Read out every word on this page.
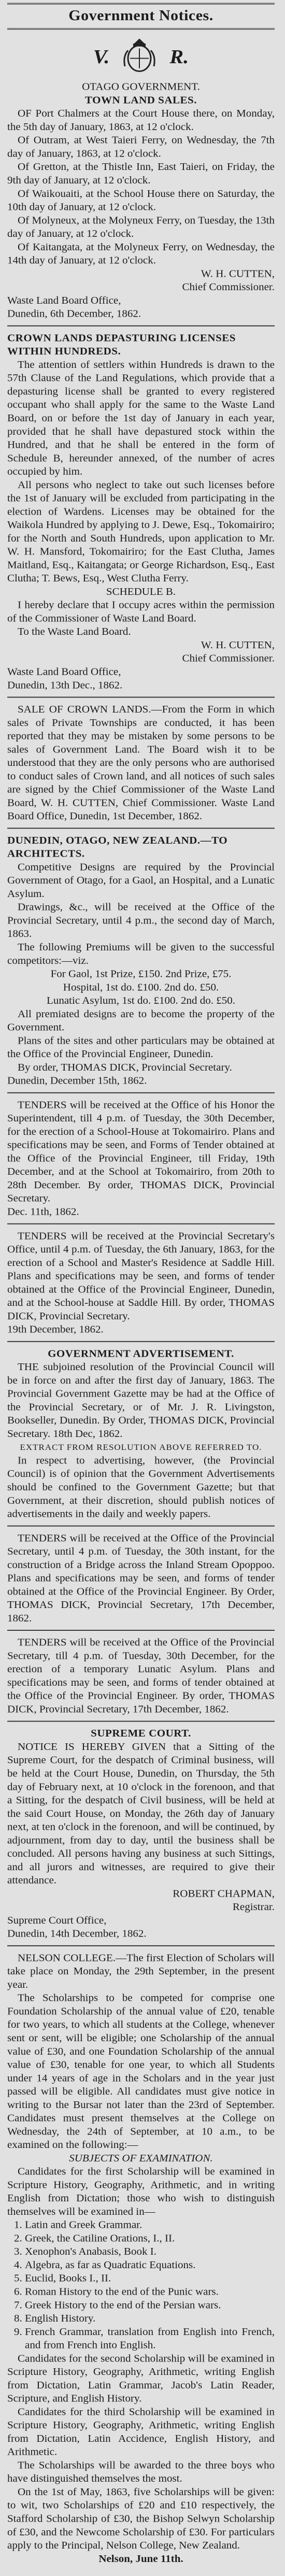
Government Notices.
V.	R.

OTAGO GOVERNMENT.

TOWN LAND SALES.

OF Port Chalmers at the Court House there, on Monday, the 5th day of January, 1863, at 12 o'clock.

Of Outram, at West Taieri Ferry, on Wednesday, the 7th day of January, 1863, at 12 o'clock.

Of Gretton, at the Thistle Inn, East Taieri, on Friday, the 9th day of January, at 12 o'clock.

Of Waikouaiti, at the School House there on Saturday, the 10th day of January, at 12 o'clock.

Of Molyneux, at the Molyneux Ferry, on Tuesday, the 13th day of January, at 12 o'clock.

Of Kaitangata, at the Molyneux Ferry, on Wednesday, the 14th day of January, at 12 o'clock.

W. H. CUTTEN,

Chief Commissioner.

Waste Land Board Office,

Dunedin, 6th December, 1862.

CROWN LANDS DEPASTURING LICENSES WITHIN HUNDREDS.

The attention of settlers within Hundreds is drawn to the 57th Clause of the Land Regulations, which provide that a depasturing license shall be granted to every registered occupant who shall apply for the same to the Waste Land Board, on or before the 1st day of January in each year, provided that he shall have depastured stock within the Hundred, and that he shall be entered in the form of Schedule B, hereunder annexed, of the number of acres occupied by him.

All persons who neglect to take out such licenses before the 1st of January will be excluded from participating in the election of Wardens. Licenses may be obtained for the Waikola Hundred by applying to J. Dewe, Esq., Tokomairiro; for the North and South Hundreds, upon application to Mr. W. H. Mansford, Tokomairiro; for the East Clutha, James Maitland, Esq., Kaitangata; or George Richardson, Esq., East Clutha; T. Bews, Esq., West Clutha Ferry.

SCHEDULE B.

I hereby declare that I occupy acres within the permission of the Commissioner of Waste Land Board.

To the Waste Land Board.

W. H. CUTTEN,

Chief Commissioner.

Waste Land Board Office,

Dunedin, 13th Dec., 1862.

SALE OF CROWN LANDS.—From the Form in which sales of Private Townships are conducted, it has been reported that they may be mistaken by some persons to be sales of Government Land. The Board wish it to be understood that they are the only persons who are authorised to conduct sales of Crown land, and all notices of such sales are signed by the Chief Commissioner of the Waste Land Board, W. H. CUTTEN, Chief Commissioner. Waste Land Board Office, Dunedin, 1st December, 1862.

DUNEDIN, OTAGO, NEW ZEALAND.—TO ARCHITECTS.

Competitive Designs are required by the Provincial Government of Otago, for a Gaol, an Hospital, and a Lunatic Asylum.

Drawings, &c., will be received at the Office of the Provincial Secretary, until 4 p.m., the second day of March, 1863.

The following Premiums will be given to the successful competitors:—viz.

For Gaol, 1st Prize, £150. 2nd Prize, £75.

Hospital, 1st do. £100. 2nd do. £50.

Lunatic Asylum, 1st do. £100. 2nd do. £50.

All premiated designs are to become the property of the Government.

Plans of the sites and other particulars may be obtained at the Office of the Provincial Engineer, Dunedin.

By order, THOMAS DICK, Provincial Secretary.

Dunedin, December 15th, 1862.

TENDERS will be received at the Office of his Honor the Superintendent, till 4 p.m. of Tuesday, the 30th December, for the erection of a School-House at Tokomairiro. Plans and specifications may be seen, and Forms of Tender obtained at the Office of the Provincial Engineer, till Friday, 19th December, and at the School at Tokomairiro, from 20th to 28th December. By order, THOMAS DICK, Provincial Secretary.

Dec. 11th, 1862.

TENDERS will be received at the Provincial Secretary's Office, until 4 p.m. of Tuesday, the 6th January, 1863, for the erection of a School and Master's Residence at Saddle Hill. Plans and specifications may be seen, and forms of tender obtained at the Office of the Provincial Engineer, Dunedin, and at the School-house at Saddle Hill. By order, THOMAS DICK, Provincial Secretary.

19th December, 1862.

GOVERNMENT ADVERTISEMENT.

THE subjoined resolution of the Provincial Council will be in force on and after the first day of January, 1863. The Provincial Government Gazette may be had at the Office of the Provincial Secretary, or of Mr. J. R. Livingston, Bookseller, Dunedin. By Order, THOMAS DICK, Provincial Secretary. 18th Dec, 1862.

EXTRACT FROM RESOLUTION ABOVE REFERRED TO.

In respect to advertising, however, (the Provincial Council) is of opinion that the Government Advertisements should be confined to the Government Gazette; but that Government, at their discretion, should publish notices of advertisements in the daily and weekly papers.

TENDERS will be received at the Office of the Provincial Secretary, until 4 p.m. of Tuesday, the 30th instant, for the construction of a Bridge across the Inland Stream Opoppoo. Plans and specifications may be seen, and forms of tender obtained at the Office of the Provincial Engineer. By Order, THOMAS DICK, Provincial Secretary, 17th December, 1862.

TENDERS will be received at the Office of the Provincial Secretary, till 4 p.m. of Tuesday, 30th December, for the erection of a temporary Lunatic Asylum. Plans and specifications may be seen, and forms of tender obtained at the Office of the Provincial Engineer. By order, THOMAS DICK, Provincial Secretary, 17th December, 1862.

SUPREME COURT.

NOTICE IS HEREBY GIVEN that a Sitting of the Supreme Court, for the despatch of Criminal business, will be held at the Court House, Dunedin, on Thursday, the 5th day of February next, at 10 o'clock in the forenoon, and that a Sitting, for the despatch of Civil business, will be held at the said Court House, on Monday, the 26th day of January next, at ten o'clock in the forenoon, and will be continued, by adjournment, from day to day, until the business shall be concluded. All persons having any business at such Sittings, and all jurors and witnesses, are required to give their attendance.

ROBERT CHAPMAN,

Registrar.

Supreme Court Office,

Dunedin, 14th December, 1862.

NELSON COLLEGE.—The first Election of Scholars will take place on Monday, the 29th September, in the present year.

The Scholarships to be competed for comprise one Foundation Scholarship of the annual value of £20, tenable for two years, to which all students at the College, whenever sent or sent, will be eligible; one Scholarship of the annual value of £30, and one Foundation Scholarship of the annual value of £30, tenable for one year, to which all Students under 14 years of age in the Scholars and in the year just passed will be eligible. All candidates must give notice in writing to the Bursar not later than the 23rd of September. Candidates must present themselves at the College on Wednesday, the 24th of September, at 10 a.m., to be examined on the following:—

SUBJECTS OF EXAMINATION.

Candidates for the first Scholarship will be examined in Scripture History, Geography, Arithmetic, and in writing English from Dictation; those who wish to distinguish themselves will be examined in—

1. Latin and Greek Grammar.
2. Greek, the Catiline Orations, I., II.
3. Xenophon's Anabasis, Book I.
4. Algebra, as far as Quadratic Equations.
5. Euclid, Books I., II.
6. Roman History to the end of the Punic wars.
7. Greek History to the end of the Persian wars.
8. English History.
9. French Grammar, translation from English into French, and from French into English.

Candidates for the second Scholarship will be examined in Scripture History, Geography, Arithmetic, writing English from Dictation, Latin Grammar, Jacob's Latin Reader, Scripture, and English History.

Candidates for the third Scholarship will be examined in Scripture History, Geography, Arithmetic, writing English from Dictation, Latin Accidence, English History, and Arithmetic.

The Scholarships will be awarded to the three boys who have distinguished themselves the most.

On the 1st of May, 1863, five Scholarships will be given: to wit, two Scholarships of £20 and £10 respectively, the Stafford Scholarship of £30, the Bishop Selwyn Scholarship of £30, and the Newcome Scholarship of £30. For particulars apply to the Principal, Nelson College, New Zealand.

Nelson, June 11th.
